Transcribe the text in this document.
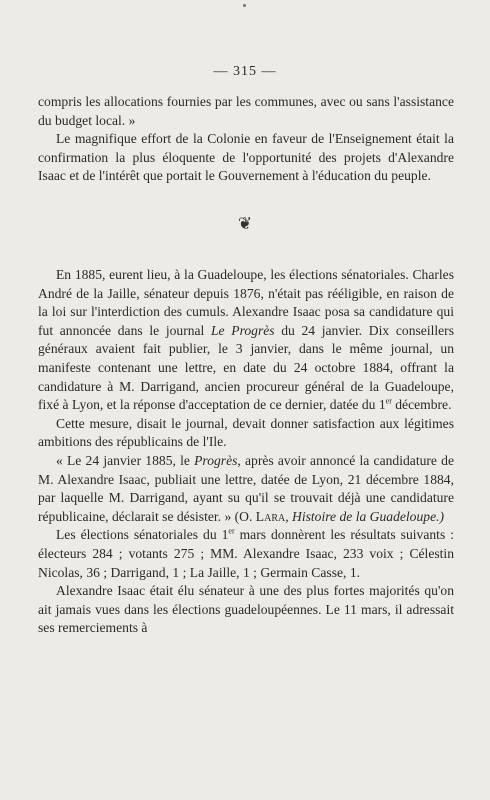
— 315 —

compris les allocations fournies par les communes, avec ou sans l'assistance du budget local. »

Le magnifique effort de la Colonie en faveur de l'Enseignement était la confirmation la plus éloquente de l'opportunité des projets d'Alexandre Isaac et de l'intérêt que portait le Gouvernement à l'éducation du peuple.

❦

En 1885, eurent lieu, à la Guadeloupe, les élections sénatoriales. Charles André de la Jaille, sénateur depuis 1876, n'était pas rééligible, en raison de la loi sur l'interdiction des cumuls. Alexandre Isaac posa sa candidature qui fut annoncée dans le journal Le Progrès du 24 janvier. Dix conseillers généraux avaient fait publier, le 3 janvier, dans le même journal, un manifeste contenant une lettre, en date du 24 octobre 1884, offrant la candidature à M. Darrigand, ancien procureur général de la Guadeloupe, fixé à Lyon, et la réponse d'acceptation de ce dernier, datée du 1er décembre.

Cette mesure, disait le journal, devait donner satisfaction aux légitimes ambitions des républicains de l'Ile.

« Le 24 janvier 1885, le Progrès, après avoir annoncé la candidature de M. Alexandre Isaac, publiait une lettre, datée de Lyon, 21 décembre 1884, par laquelle M. Darrigand, ayant su qu'il se trouvait déjà une candidature républicaine, déclarait se désister. » (O. Lara, Histoire de la Guadeloupe.)

Les élections sénatoriales du 1er mars donnèrent les résultats suivants : électeurs 284 ; votants 275 ; MM. Alexandre Isaac, 233 voix ; Célestin Nicolas, 36 ; Darrigand, 1 ; La Jaille, 1 ; Germain Casse, 1.

Alexandre Isaac était élu sénateur à une des plus fortes majorités qu'on ait jamais vues dans les élections guadeloupéennes. Le 11 mars, il adressait ses remerciements à
